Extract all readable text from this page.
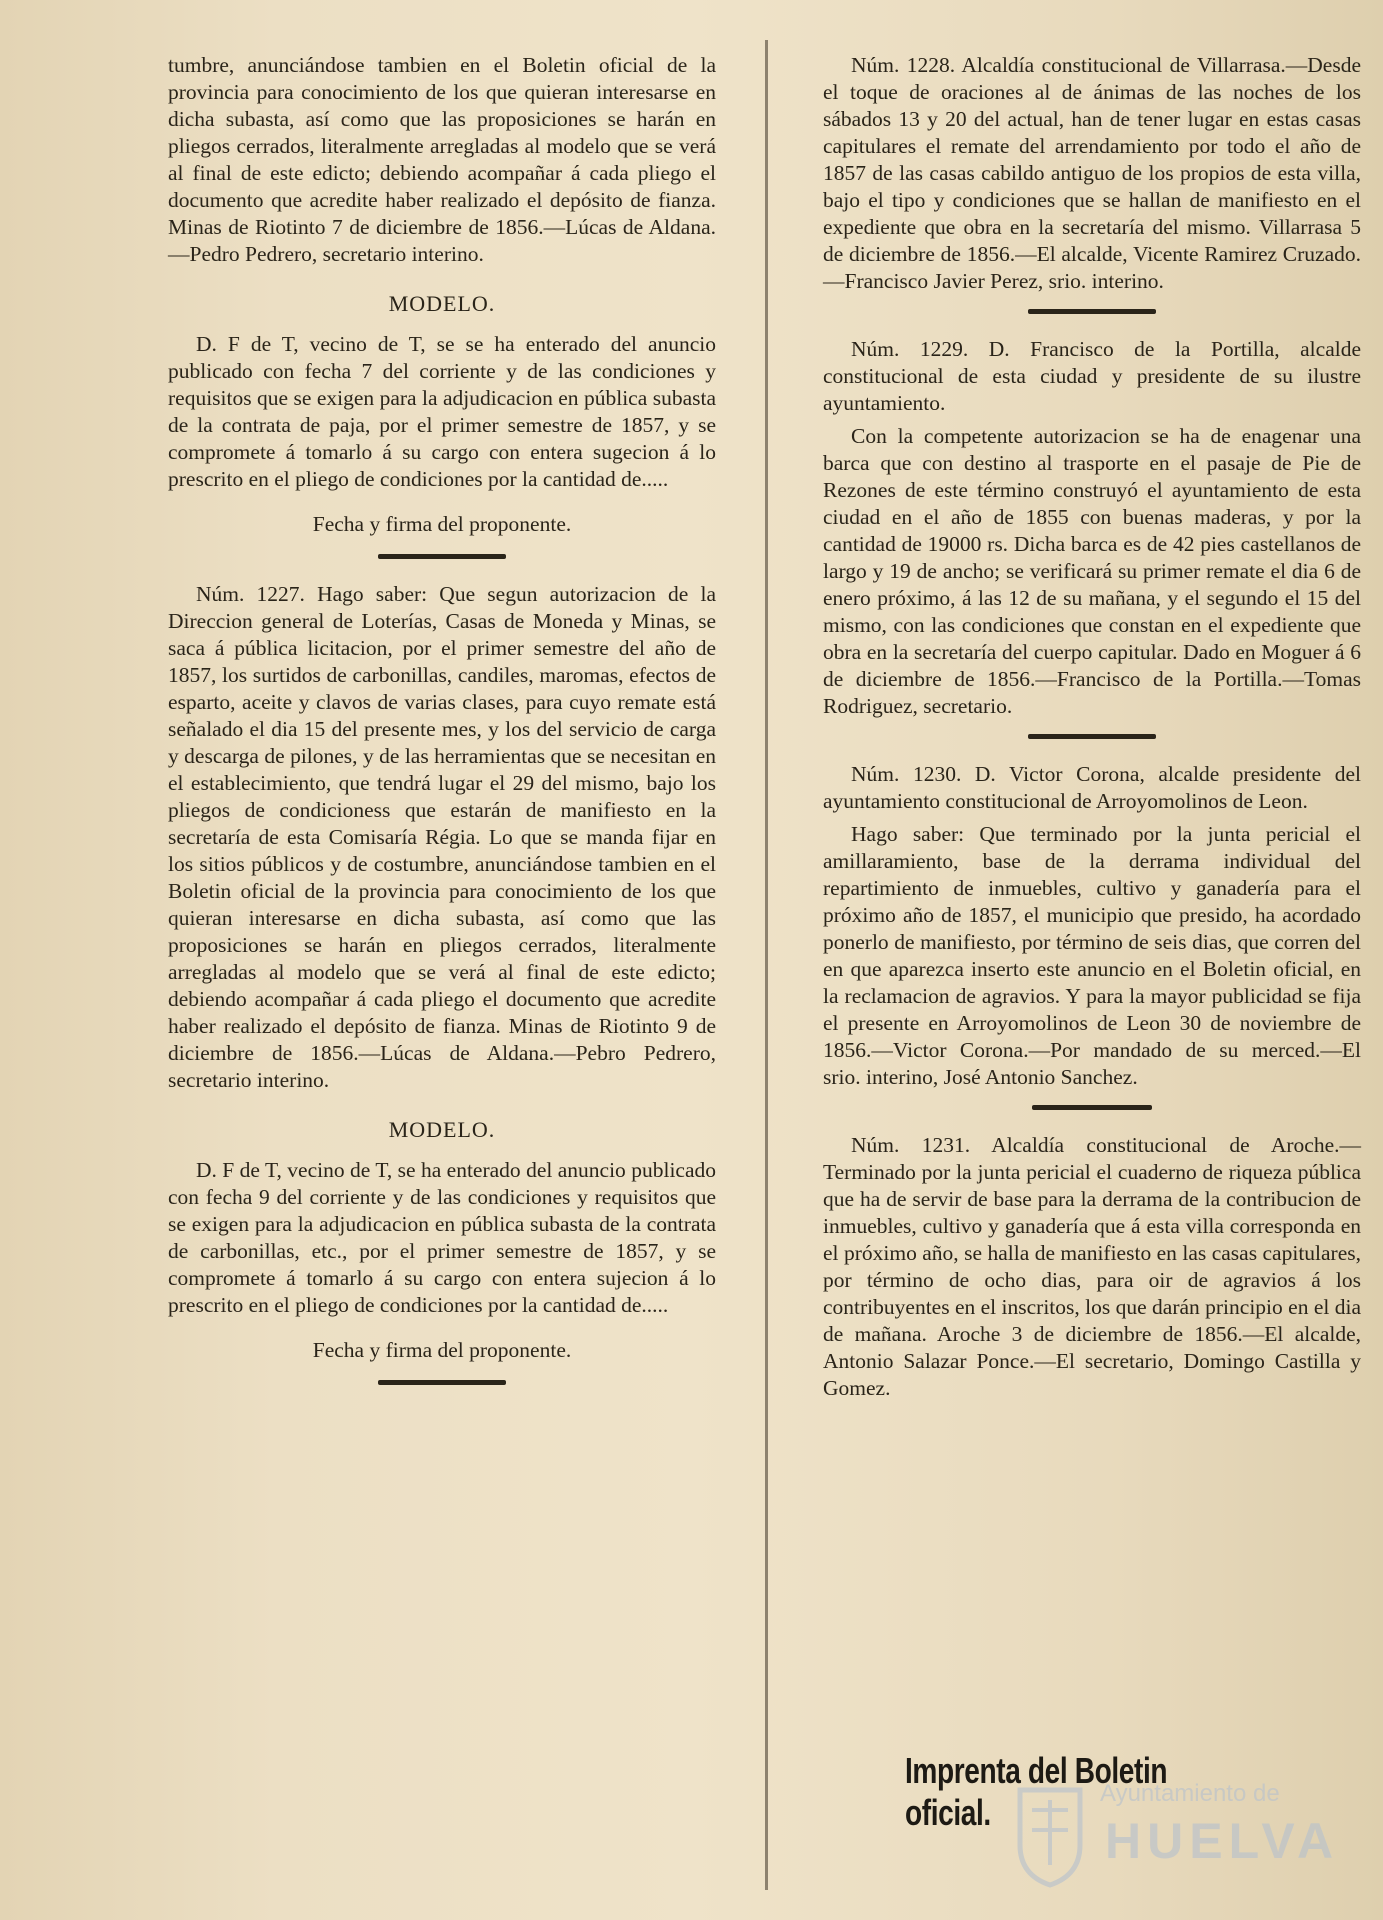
tumbre, anunciándose tambien en el Boletin oficial de la provincia para conocimiento de los que quieran interesarse en dicha subasta, así como que las proposiciones se harán en pliegos cerrados, literalmente arregladas al modelo que se verá al final de este edicto; debiendo acompañar á cada pliego el documento que acredite haber realizado el depósito de fianza. Minas de Riotinto 7 de diciembre de 1856.—Lúcas de Aldana.—Pedro Pedrero, secretario interino.

MODELO.

D. F de T, vecino de T, se se ha enterado del anuncio publicado con fecha 7 del corriente y de las condiciones y requisitos que se exigen para la adjudicacion en pública subasta de la contrata de paja, por el primer semestre de 1857, y se compromete á tomarlo á su cargo con entera sugecion á lo prescrito en el pliego de condiciones por la cantidad de.....

Fecha y firma del proponente.

Núm. 1227. Hago saber: Que segun autorizacion de la Direccion general de Loterías, Casas de Moneda y Minas, se saca á pública licitacion, por el primer semestre del año de 1857, los surtidos de carbonillas, candiles, maromas, efectos de esparto, aceite y clavos de varias clases, para cuyo remate está señalado el dia 15 del presente mes, y los del servicio de carga y descarga de pilones, y de las herramientas que se necesitan en el establecimiento, que tendrá lugar el 29 del mismo, bajo los pliegos de condicioness que estarán de manifiesto en la secretaría de esta Comisaría Régia. Lo que se manda fijar en los sitios públicos y de costumbre, anunciándose tambien en el Boletin oficial de la provincia para conocimiento de los que quieran interesarse en dicha subasta, así como que las proposiciones se harán en pliegos cerrados, literalmente arregladas al modelo que se verá al final de este edicto; debiendo acompañar á cada pliego el documento que acredite haber realizado el depósito de fianza. Minas de Riotinto 9 de diciembre de 1856.—Lúcas de Aldana.—Pebro Pedrero, secretario interino.

MODELO.

D. F de T, vecino de T, se ha enterado del anuncio publicado con fecha 9 del corriente y de las condiciones y requisitos que se exigen para la adjudicacion en pública subasta de la contrata de carbonillas, etc., por el primer semestre de 1857, y se compromete á tomarlo á su cargo con entera sujecion á lo prescrito en el pliego de condiciones por la cantidad de.....

Fecha y firma del proponente.

Núm. 1228. Alcaldía constitucional de Villarrasa.—Desde el toque de oraciones al de ánimas de las noches de los sábados 13 y 20 del actual, han de tener lugar en estas casas capitulares el remate del arrendamiento por todo el año de 1857 de las casas cabildo antiguo de los propios de esta villa, bajo el tipo y condiciones que se hallan de manifiesto en el expediente que obra en la secretaría del mismo. Villarrasa 5 de diciembre de 1856.—El alcalde, Vicente Ramirez Cruzado.—Francisco Javier Perez, srio. interino.

Núm. 1229. D. Francisco de la Portilla, alcalde constitucional de esta ciudad y presidente de su ilustre ayuntamiento.

Con la competente autorizacion se ha de enagenar una barca que con destino al trasporte en el pasaje de Pie de Rezones de este término construyó el ayuntamiento de esta ciudad en el año de 1855 con buenas maderas, y por la cantidad de 19000 rs. Dicha barca es de 42 pies castellanos de largo y 19 de ancho; se verificará su primer remate el dia 6 de enero próximo, á las 12 de su mañana, y el segundo el 15 del mismo, con las condiciones que constan en el expediente que obra en la secretaría del cuerpo capitular. Dado en Moguer á 6 de diciembre de 1856.—Francisco de la Portilla.—Tomas Rodriguez, secretario.

Núm. 1230. D. Victor Corona, alcalde presidente del ayuntamiento constitucional de Arroyomolinos de Leon.

Hago saber: Que terminado por la junta pericial el amillaramiento, base de la derrama individual del repartimiento de inmuebles, cultivo y ganadería para el próximo año de 1857, el municipio que presido, ha acordado ponerlo de manifiesto, por término de seis dias, que corren del en que aparezca inserto este anuncio en el Boletin oficial, en la reclamacion de agravios. Y para la mayor publicidad se fija el presente en Arroyomolinos de Leon 30 de noviembre de 1856.—Victor Corona.—Por mandado de su merced.—El srio. interino, José Antonio Sanchez.

Núm. 1231. Alcaldía constitucional de Aroche.—Terminado por la junta pericial el cuaderno de riqueza pública que ha de servir de base para la derrama de la contribucion de inmuebles, cultivo y ganadería que á esta villa corresponda en el próximo año, se halla de manifiesto en las casas capitulares, por término de ocho dias, para oir de agravios á los contribuyentes en el inscritos, los que darán principio en el dia de mañana. Aroche 3 de diciembre de 1856.—El alcalde, Antonio Salazar Ponce.—El secretario, Domingo Castilla y Gomez.

Imprenta del Boletin oficial.	Ayuntamiento de
HUELVA
